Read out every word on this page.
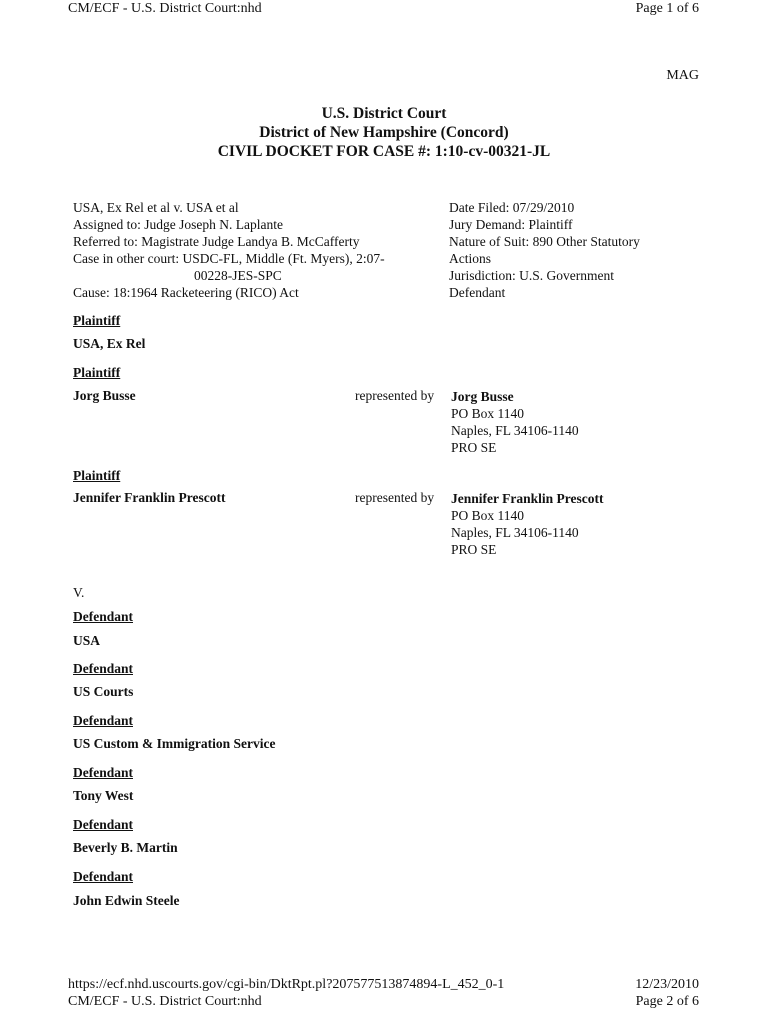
CM/ECF - U.S. District Court:nhd	Page 1 of 6
MAG
U.S. District Court
District of New Hampshire (Concord)
CIVIL DOCKET FOR CASE #: 1:10-cv-00321-JL
USA, Ex Rel et al v. USA et al
Assigned to: Judge Joseph N. Laplante
Referred to: Magistrate Judge Landya B. McCafferty
Case in other court: USDC-FL, Middle (Ft. Myers), 2:07-
00228-JES-SPC
Cause: 18:1964 Racketeering (RICO) Act
Date Filed: 07/29/2010
Jury Demand: Plaintiff
Nature of Suit: 890 Other Statutory
Actions
Jurisdiction: U.S. Government
Defendant
Plaintiff
USA, Ex Rel
Plaintiff
Jorg Busse	represented by Jorg Busse
PO Box 1140
Naples, FL 34106-1140
PRO SE
Plaintiff
Jennifer Franklin Prescott	represented by Jennifer Franklin Prescott
PO Box 1140
Naples, FL 34106-1140
PRO SE
V.
Defendant
USA
Defendant
US Courts
Defendant
US Custom & Immigration Service
Defendant
Tony West
Defendant
Beverly B. Martin
Defendant
John Edwin Steele
https://ecf.nhd.uscourts.gov/cgi-bin/DktRpt.pl?207577513874894-L_452_0-1
CM/ECF - U.S. District Court:nhd
12/23/2010
Page 2 of 6
